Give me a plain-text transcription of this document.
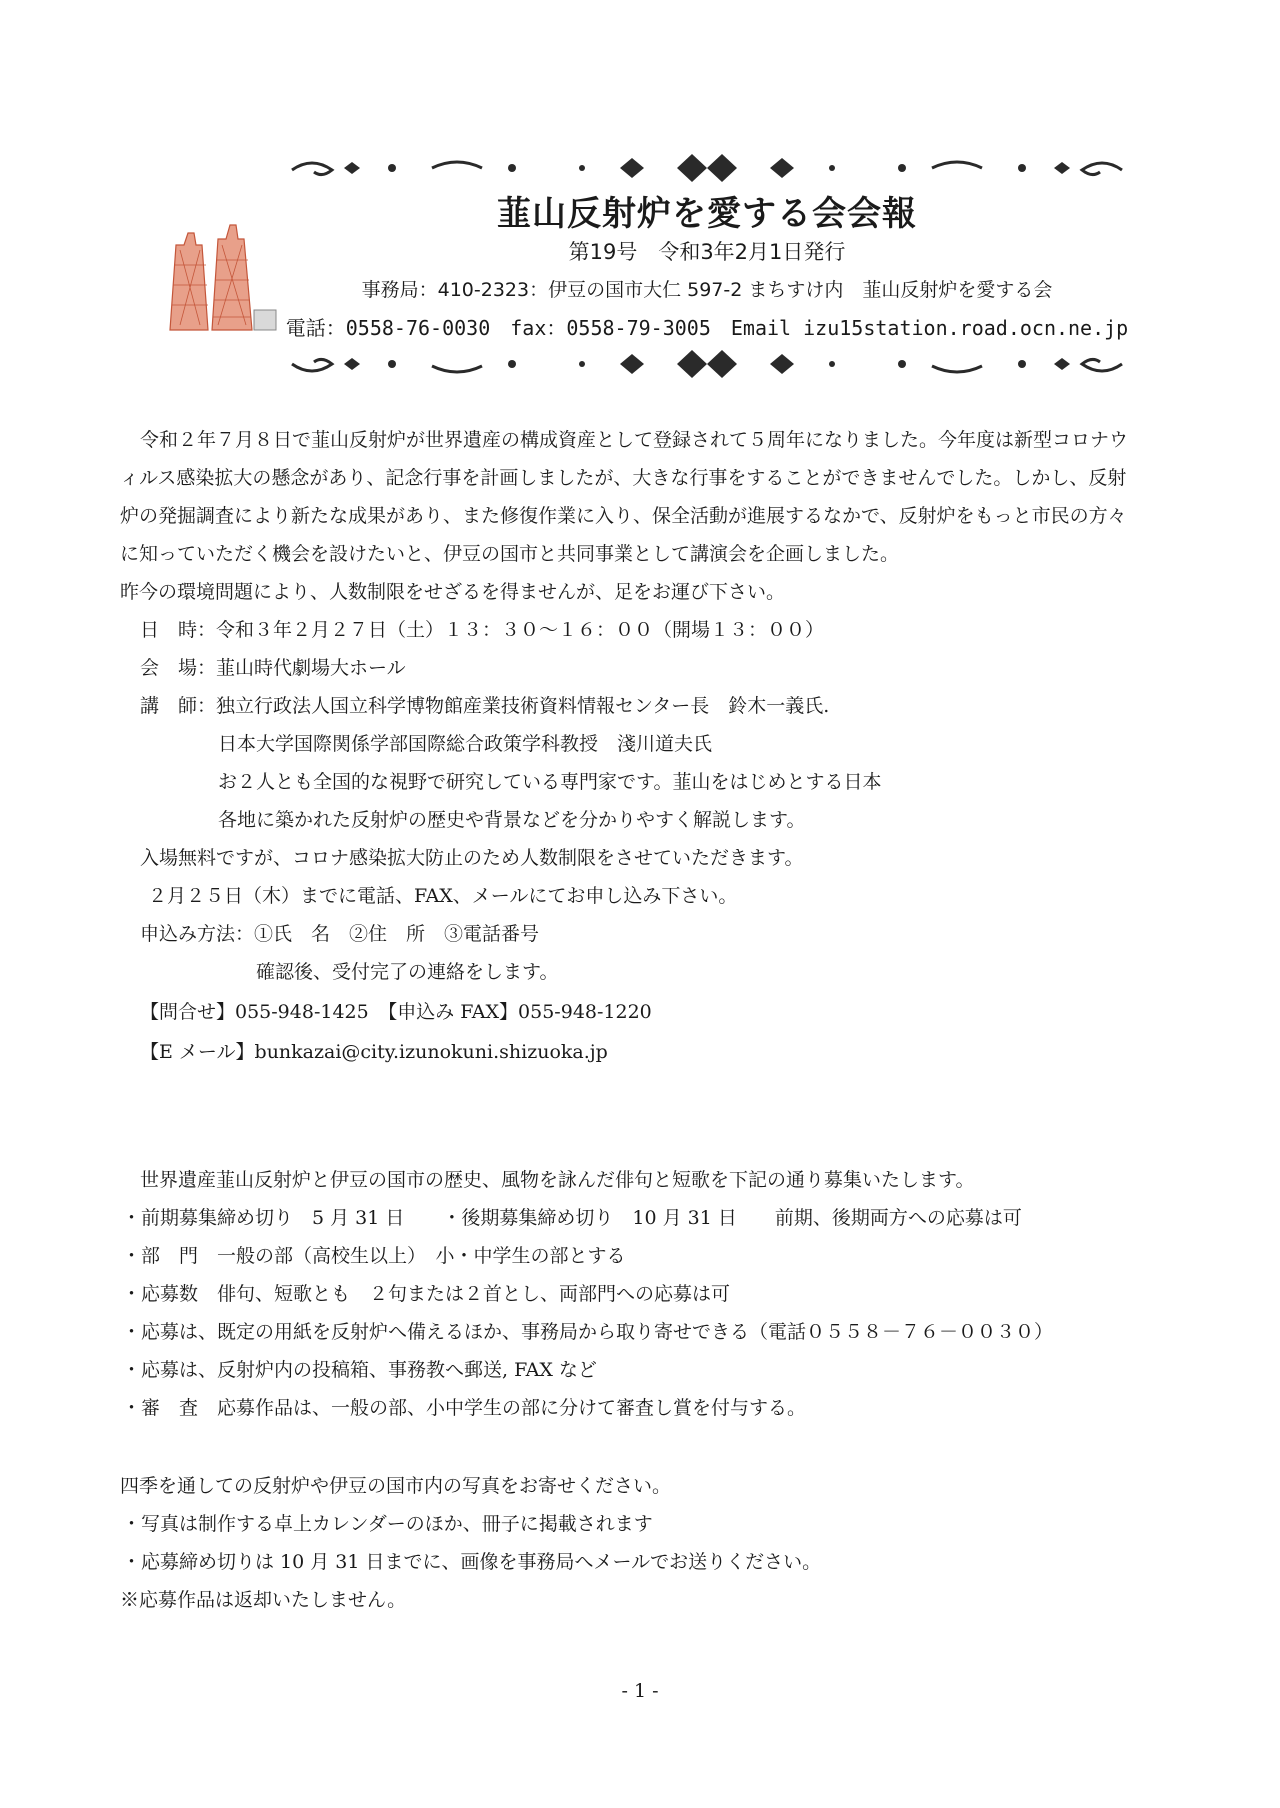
韮山反射炉を愛する会会報
第19号　令和3年2月1日発行
事務局：410-2323：伊豆の国市大仁 597-2 まちすけ内　韮山反射炉を愛する会
電話：0558-76-0030　fax：0558-79-3005　Email izu15station.road.ocn.ne.jp
令和２年７月８日で韮山反射炉が世界遺産の構成資産として登録されて５周年になりました。今年度は新型コロナウ
ィルス感染拡大の懸念があり、記念行事を計画しましたが、大きな行事をすることができませんでした。しかし、反射
炉の発掘調査により新たな成果があり、また修復作業に入り、保全活動が進展するなかで、反射炉をもっと市民の方々
に知っていただく機会を設けたいと、伊豆の国市と共同事業として講演会を企画しました。
昨今の環境問題により、人数制限をせざるを得ませんが、足をお運び下さい。
日　時：令和３年２月２７日（土）１３：３０～１６：００（開場１３：００）
会　場：韮山時代劇場大ホール
講　師：独立行政法人国立科学博物館産業技術資料情報センター長　鈴木一義氏.
日本大学国際関係学部国際総合政策学科教授　淺川道夫氏
お２人とも全国的な視野で研究している専門家です。韮山をはじめとする日本
各地に築かれた反射炉の歴史や背景などを分かりやすく解説します。
入場無料ですが、コロナ感染拡大防止のため人数制限をさせていただきます。
２月２５日（木）までに電話、FAX、メールにてお申し込み下さい。
申込み方法：①氏　名　②住　所　③電話番号
確認後、受付完了の連絡をします。
【問合せ】055-948-1425　【申込み FAX】055-948-1220
【E メール】bunkazai@city.izunokuni.shizuoka.jp
世界遺産韮山反射炉と伊豆の国市の歴史、風物を詠んだ俳句と短歌を下記の通り募集いたします。
・前期募集締め切り　5 月 31 日　　・後期募集締め切り　10 月 31 日　　前期、後期両方への応募は可
・部　門　一般の部（高校生以上）　小・中学生の部とする
・応募数　俳句、短歌とも　２句または２首とし、両部門への応募は可
・応募は、既定の用紙を反射炉へ備えるほか、事務局から取り寄せできる（電話０５５８－７６－００３０）
・応募は、反射炉内の投稿箱、事務教へ郵送, FAX など
・審　査　応募作品は、一般の部、小中学生の部に分けて審査し賞を付与する。
四季を通しての反射炉や伊豆の国市内の写真をお寄せください。
・写真は制作する卓上カレンダーのほか、冊子に掲載されます
・応募締め切りは 10 月 31 日までに、画像を事務局へメールでお送りください。
※応募作品は返却いたしません。
- 1 -
